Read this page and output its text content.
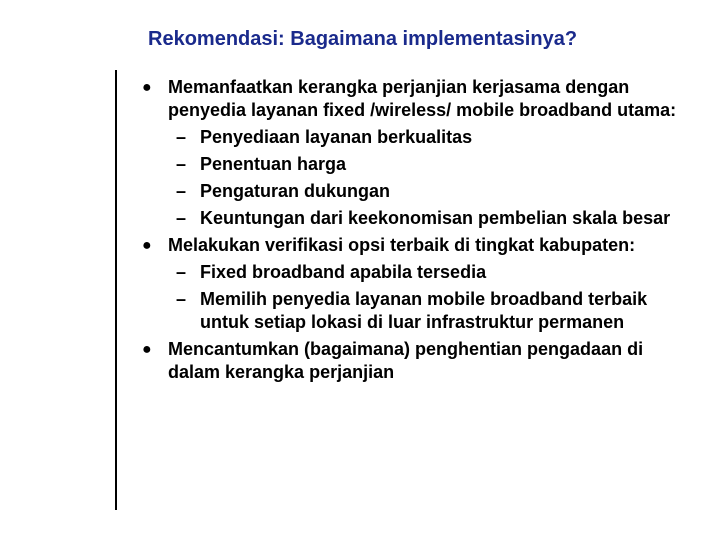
Rekomendasi: Bagaimana implementasinya?
● Memanfaatkan kerangka perjanjian kerjasama dengan penyedia layanan fixed /wireless/ mobile broadband utama:
– Penyediaan layanan berkualitas
– Penentuan harga
– Pengaturan dukungan
– Keuntungan dari keekonomisan pembelian skala besar
● Melakukan verifikasi opsi terbaik di tingkat kabupaten:
– Fixed broadband apabila tersedia
– Memilih penyedia layanan mobile broadband terbaik untuk setiap lokasi di luar infrastruktur permanen
● Mencantumkan (bagaimana) penghentian pengadaan di dalam kerangka perjanjian
